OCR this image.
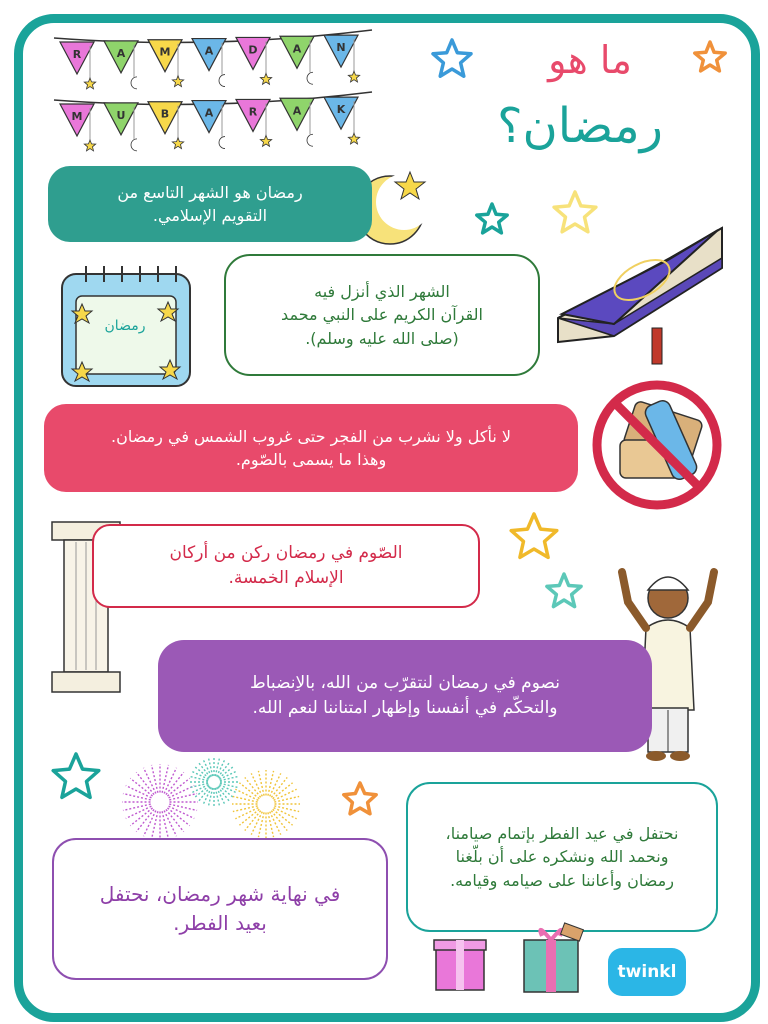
ما هو
رمضان؟
R	A	M	A	D	A	N
M	U	B	A	R	A	K
رمضان هو الشهر التاسع من
التقويم الإسلامي.
رمضان
الشهر الذي أنزل فيه
القرآن الكريم على النبي محمد
(صلى الله عليه وسلم).
لا نأكل ولا نشرب من الفجر حتى غروب الشمس في رمضان.
وهذا ما يسمى بالصّوم.
الصّوم في رمضان ركن من أركان
الإسلام الخمسة.
نصوم في رمضان لنتقرّب من الله، بالاِنضباط
والتحكّم في أنفسنا وإظهار امتناننا لنعم الله.
نحتفل في عيد الفطر بإتمام صيامنا،
ونحمد الله ونشكره على أن بلّغنا
رمضان وأعاننا على صيامه وقيامه.
في نهاية شهر رمضان، نحتفل
بعيد الفطر.
twinkl
